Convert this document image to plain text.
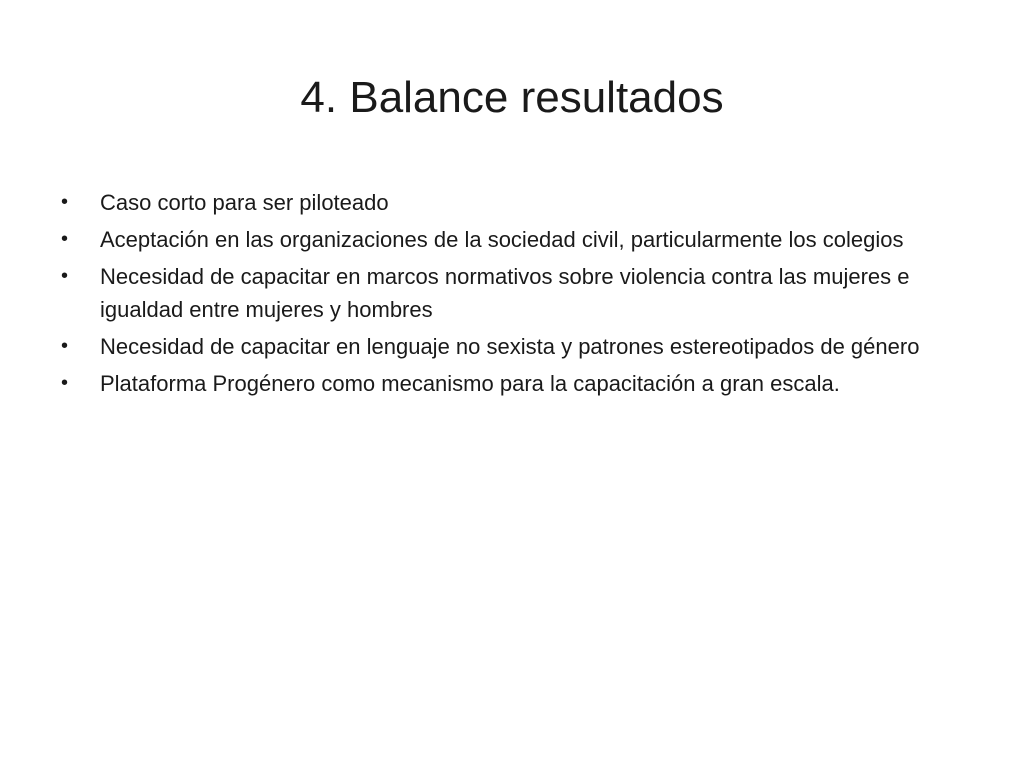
4. Balance resultados
•	Caso corto para ser piloteado
•	Aceptación en las organizaciones de la sociedad civil, particularmente los colegios
•	Necesidad de capacitar en marcos normativos sobre violencia contra las mujeres e igualdad entre mujeres y hombres
•	Necesidad de capacitar en lenguaje no sexista y patrones estereotipados de género
•	Plataforma Progénero como mecanismo para la capacitación a gran escala.
